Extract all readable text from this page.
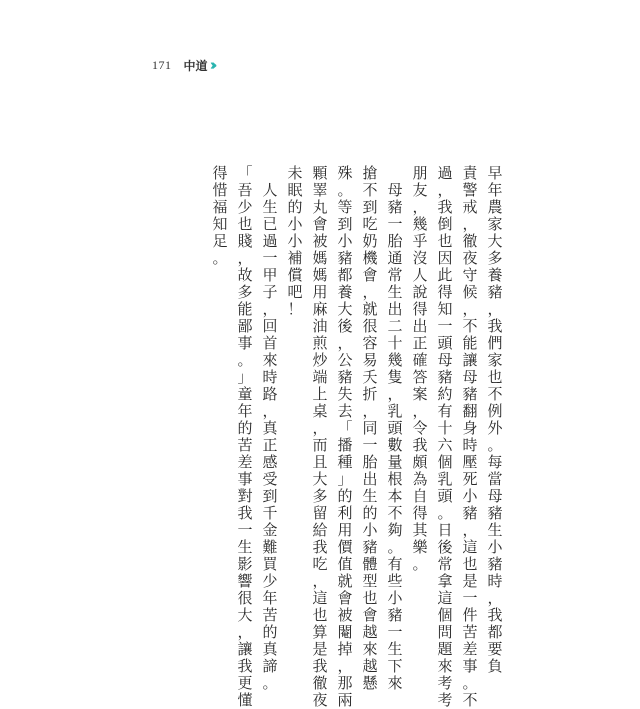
171 中道 ›››
早
年
農
家
大
多
養
豬
，
我
們
家
也
不
例
外
。
每
當
母
豬
生
小
豬
時
，
我
都
要
負
責
警
戒
，
徹
夜
守
候
，
不
能
讓
母
豬
翻
身
時
壓
死
小
豬
，
這
也
是
一
件
苦
差
事
。
不
過
，
我
倒
也
因
此
得
知
一
頭
母
豬
約
有
十
六
個
乳
頭
。
日
後
常
拿
這
個
問
題
來
考
考
朋
友
，
幾
乎
沒
人
說
得
出
正
確
答
案
，
令
我
頗
為
自
得
其
樂
。
母
豬
一
胎
通
常
生
出
二
十
幾
隻
，
乳
頭
數
量
根
本
不
夠
。
有
些
小
豬
一
生
下
來
搶
不
到
吃
奶
機
會
，
就
很
容
易
夭
折
，
同
一
胎
出
生
的
小
豬
體
型
也
會
越
來
越
懸
殊
。
等
到
小
豬
都
養
大
後
，
公
豬
失
去
「
播
種
」
的
利
用
價
值
就
會
被
閹
掉
，
那
兩
顆
睪
丸
會
被
媽
媽
用
麻
油
煎
炒
端
上
桌
，
而
且
大
多
留
給
我
吃
，
這
也
算
是
我
徹
夜
未
眠
的
小
小
補
償
吧
！
人
生
已
過
一
甲
子
，
回
首
來
時
路
，
真
正
感
受
到
千
金
難
買
少
年
苦
的
真
諦
。
「
吾
少
也
賤
，
故
多
能
鄙
事
。
」
童
年
的
苦
差
事
對
我
一
生
影
響
很
大
，
讓
我
更
懂
得
惜
福
知
足
。
